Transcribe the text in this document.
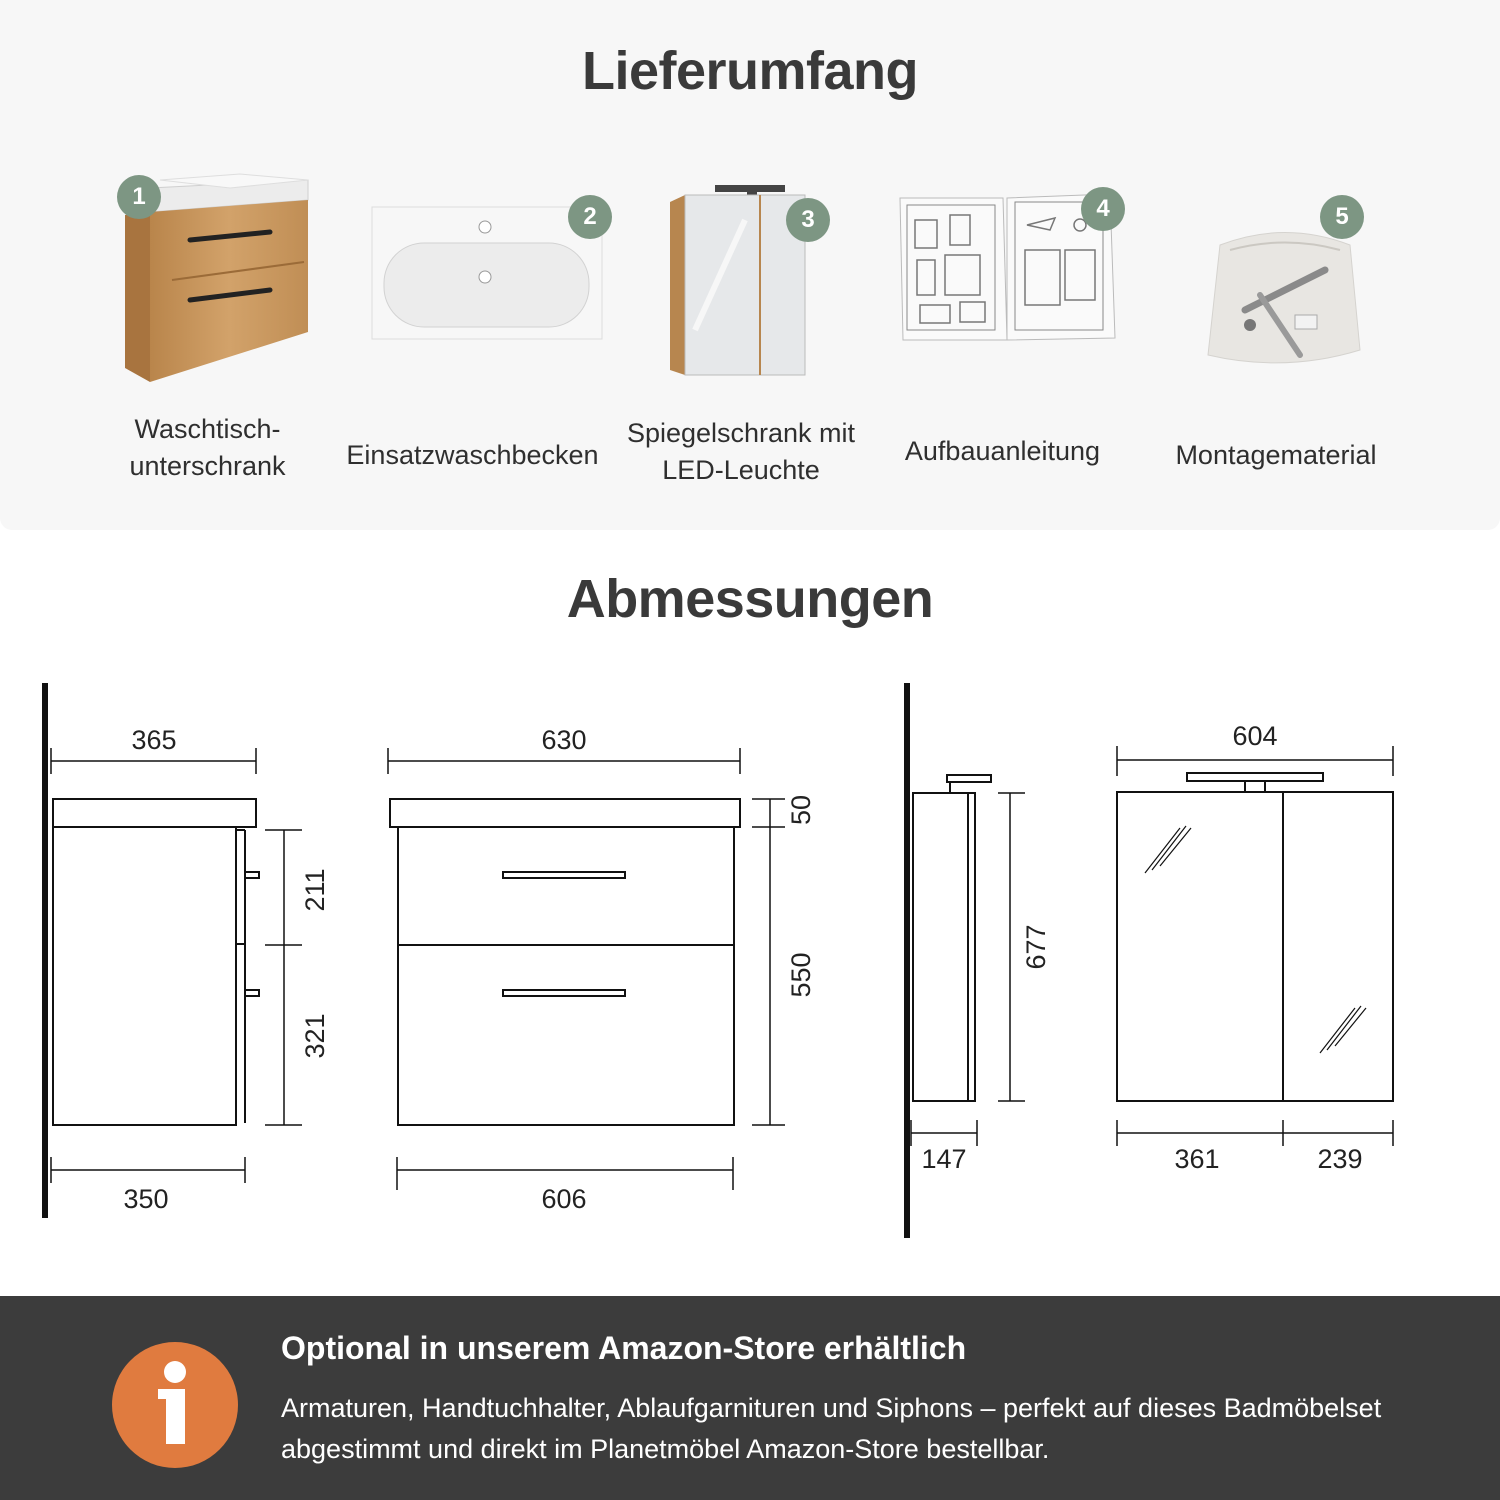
Lieferumfang
1
Waschtisch-
unterschrank
2
Einsatzwaschbecken
3
Spiegelschrank mit
LED-Leuchte
4
Aufbauanleitung
5
Montagematerial
Abmessungen
365
350
211
321
630
606
50
550
677
147
604
361	239
Optional in unserem Amazon-Store erhältlich
Armaturen, Handtuchhalter, Ablaufgarnituren und Siphons – perfekt auf dieses Badmöbelset abgestimmt und direkt im Planetmöbel Amazon-Store bestellbar.
